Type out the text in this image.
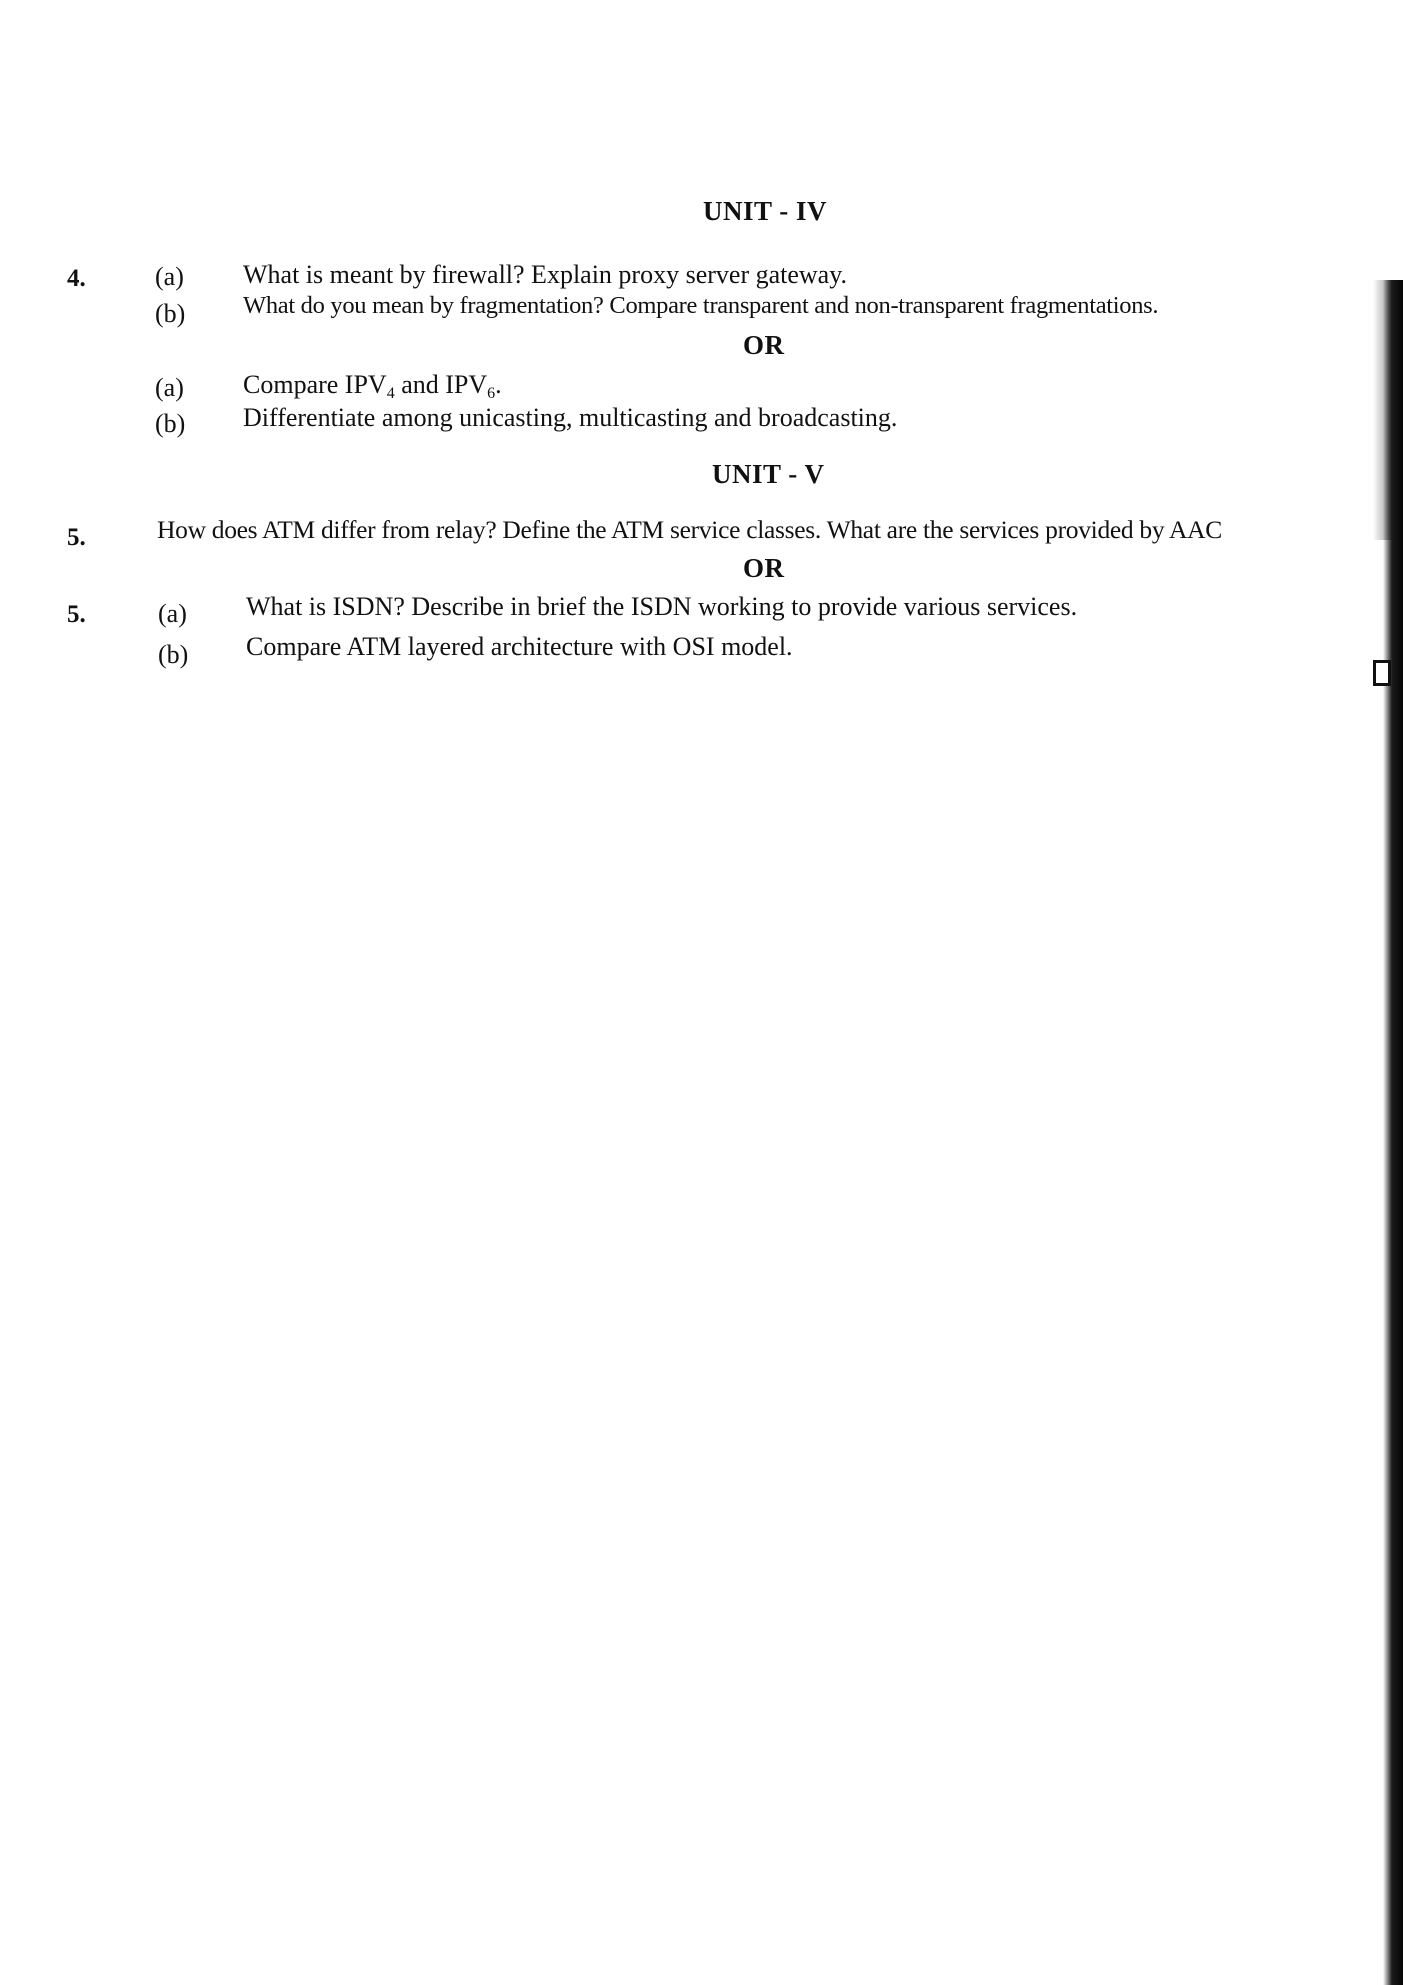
UNIT - IV
4.	(a) What is meant by firewall? Explain proxy server gateway.
(b) What do you mean by fragmentation? Compare transparent and non-transparent fragmentations.
OR
(a) Compare $IPV_4$ and $IPV_6$.
(b) Differentiate among unicasting, multicasting and broadcasting.
UNIT - V
5.	How does ATM differ from relay? Define the ATM service classes. What are the services provided by AAC
OR
5.	(a) What is ISDN? Describe in brief the ISDN working to provide various services.
(b) Compare ATM layered architecture with OSI model.
